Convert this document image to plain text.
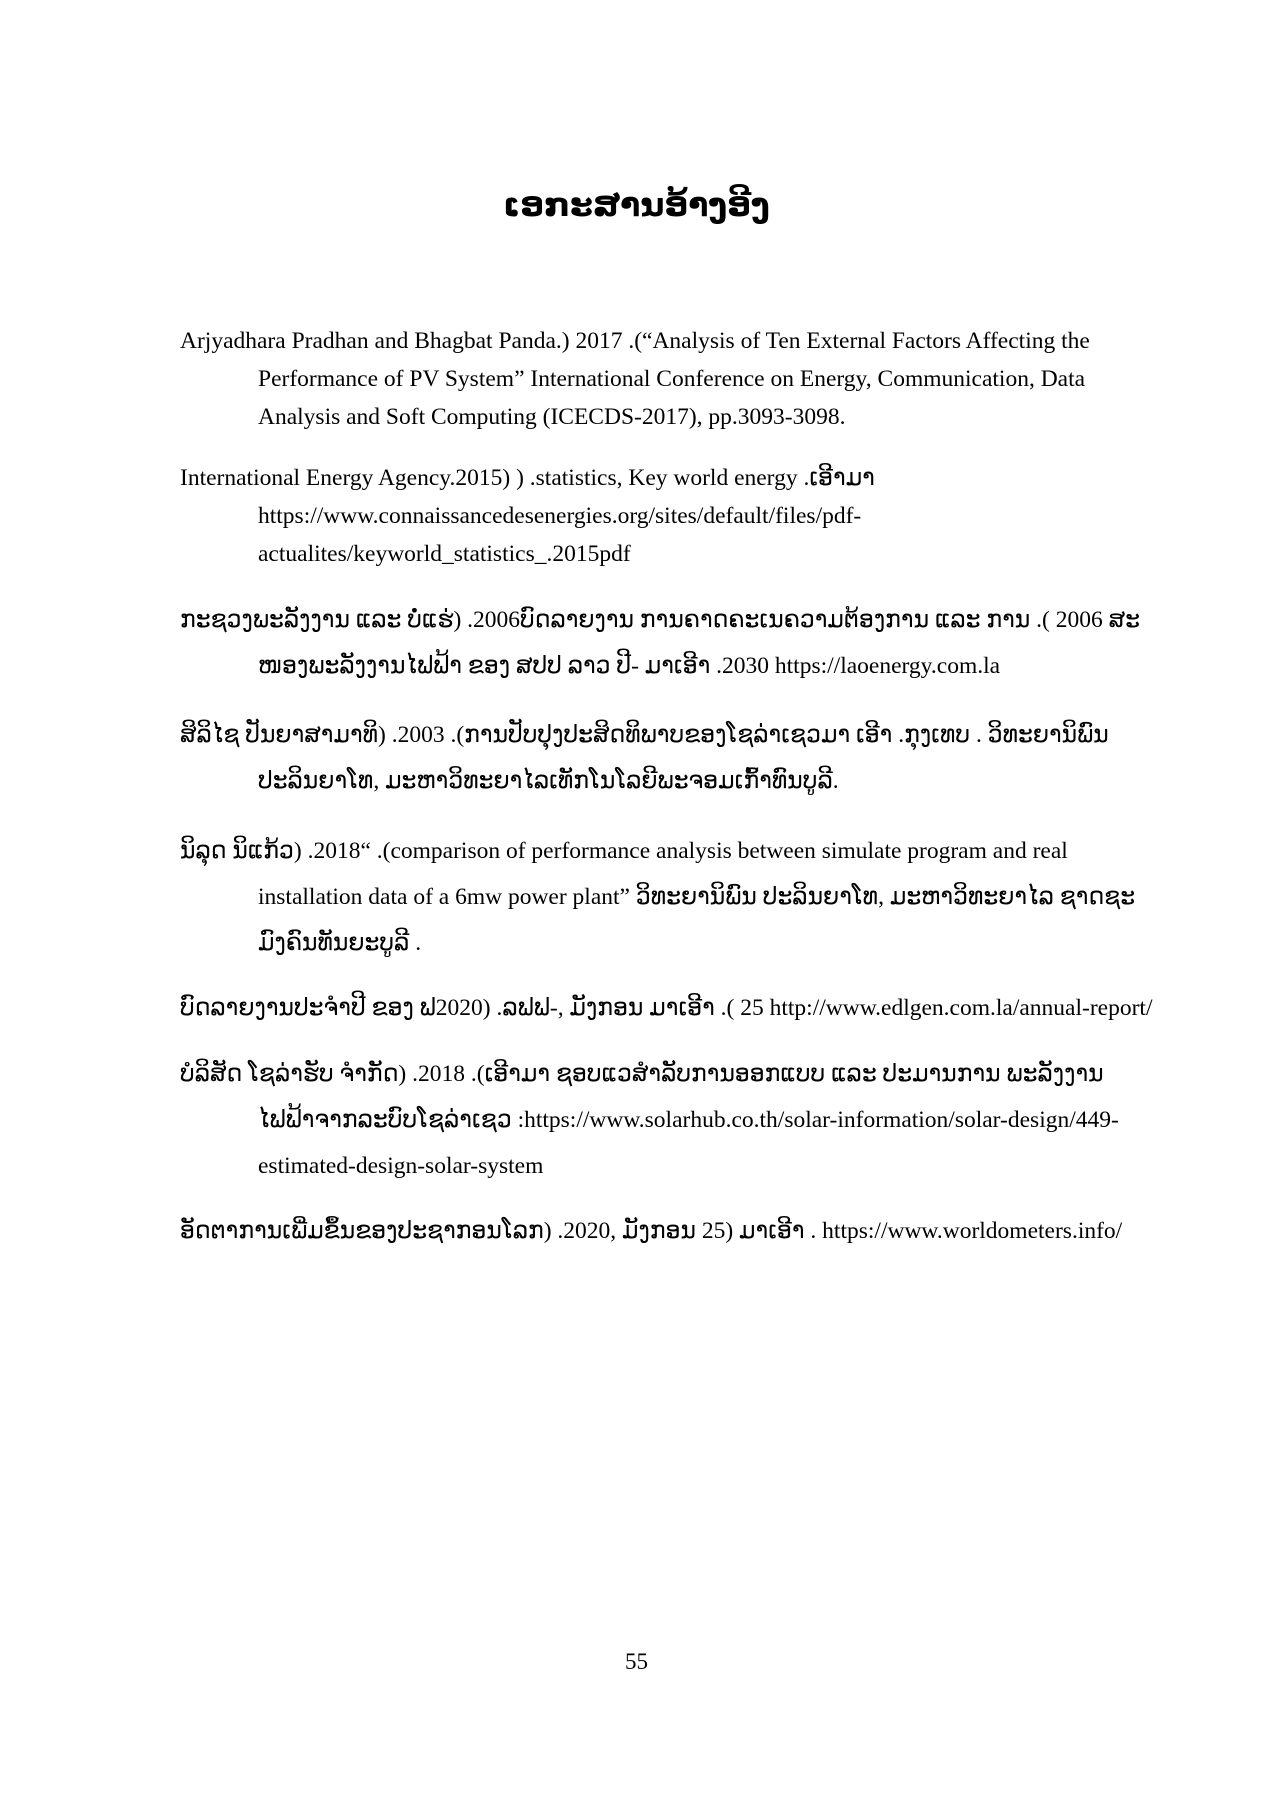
ເອກະສານອ້າງອີງ

Arjyadhara Pradhan and Bhagbat Panda.) 2017 .(“Analysis of Ten External Factors Affecting the Performance of PV System” International Conference on Energy, Communication, Data Analysis and Soft Computing (ICECDS-2017), pp.3093-3098.

International Energy Agency.2015) ) .statistics, Key world energy .ເອີາມາ https://www.connaissancedesenergies.org/sites/default/files/pdf-actualites/keyworld_statistics_.2015pdf

ກະຊວງພະລັງງານ ແລະ ບໍ່ແຮ່) .2006ບົດລາຍງານ ການຄາດຄະເນຄວາມຕ້ອງການ ແລະ ການ .( 2006 ສະ ໜອງພະລັງງານໄຟຟ້າ ຂອງ ສປປ ລາວ ປີ- ມາເອີາ .2030 https://laoenergy.com.la

ສິລິໄຊ ປັນຍາສາມາທິ) .2003 .(ການປັບປຸງປະສິດທິພາບຂອງໂຊລ່າເຊວມາ ເອີາ .ກຸງເທບ . ວິທະຍານິພົນປະລິນຍາໂທ, ມະຫາວິທະຍາໄລເທັກໂນໂລຍີພະຈອມເກົ້າທົນບູລີ.

ນິລຸດ ນິແກ້ວ) .2018“ .(comparison of performance analysis between simulate program and real installation data of a 6mw power plant” ວິທະຍານິພົນ ປະລິນຍາໂທ, ມະຫາວິທະຍາໄລ ຊາດຊະມົງຄົນທັນຍະບູລີ .

ບົດລາຍງານປະຈຳປີ ຂອງ ຟ2020) .ລຟຟ-, ມັງກອນ ມາເອີາ .( 25 http://www.edlgen.com.la/annual-report/

ບໍລິສັດ ໂຊລ່າຮັບ ຈຳກັດ) .2018 .(ເອີາມາ ຊອບແວສຳລັບການອອກແບບ ແລະ ປະມານການ ພະລັງງານໄຟຟ້າຈາກລະບົບໂຊລ່າເຊວ :https://www.solarhub.co.th/solar-information/solar-design/449-estimated-design-solar-system

ອັດຕາການເພີ່ມຂຶ້ນຂອງປະຊາກອນໂລກ) .2020, ມັງກອນ 25) ມາເອີາ . https://www.worldometers.info/

55
